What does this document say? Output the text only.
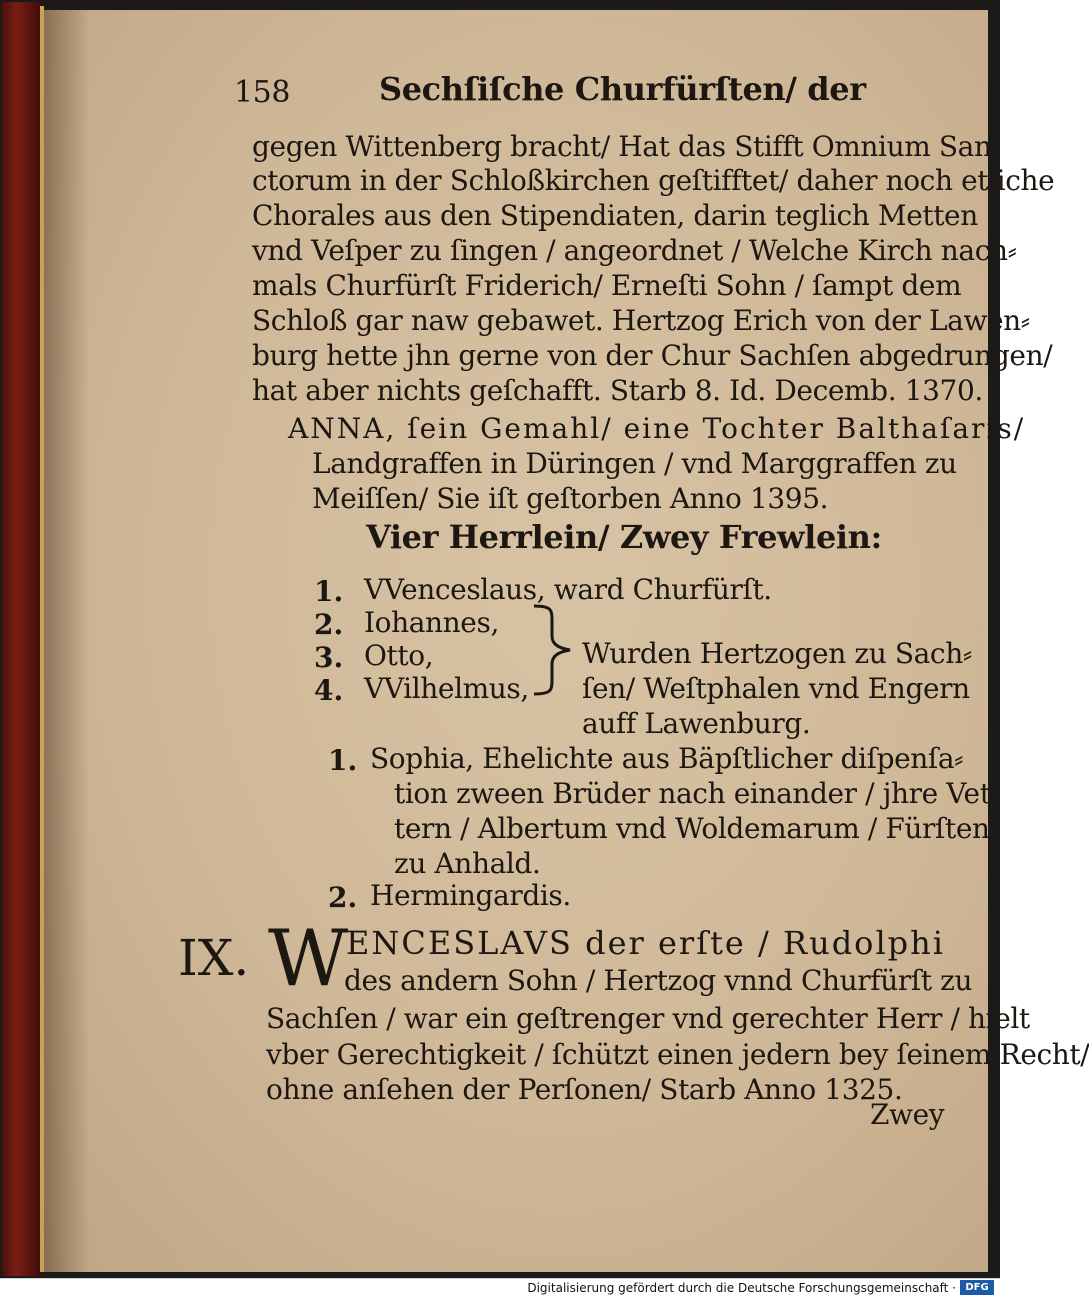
158	Sechſiſche Churfürſten/ der
gegen Wittenberg bracht/ Hat das Stifft Omnium San⸗
ctorum in der Schloßkirchen geſtifftet/ daher noch etliche
Chorales aus den Stipendiaten, darin teglich Metten
vnd Veſper zu ſingen / angeordnet / Welche Kirch nach⸗
mals Churfürſt Friderich/ Erneſti Sohn / ſampt dem
Schloß gar naw gebawet. Hertzog Erich von der Lawen⸗
burg hette jhn gerne von der Chur Sachſen abgedrungen/
hat aber nichts geſchafft. Starb 8. Id. Decemb. 1370.
ANNA, ſein Gemahl/ eine Tochter Balthaſaris/
Landgraffen in Düringen / vnd Marggraffen zu
Meiſſen/ Sie iſt geſtorben Anno 1395.
Vier Herrlein/ Zwey Frewlein:
1. VVenceslaus, ward Churfürſt.
2. Iohannes,
3. Otto,
4. VVilhelmus,
Wurden Hertzogen zu Sach⸗
ſen/ Weſtphalen vnd Engern
auff Lawenburg.
1. Sophia, Ehelichte aus Bäpſtlicher diſpenſa⸗
tion zween Brüder nach einander / jhre Vet⸗
tern / Albertum vnd Woldemarum / Fürſten
zu Anhald.
2. Hermingardis.
IX. W
ENCESLAVS der erſte / Rudolphi
des andern Sohn / Hertzog vnnd Churfürſt zu
Sachſen / war ein geſtrenger vnd gerechter Herr / hielt
vber Gerechtigkeit / ſchützt einen jedern bey ſeinem Recht/
ohne anſehen der Perſonen/ Starb Anno 1325.
Zwey
Digitalisierung gefördert durch die Deutsche Forschungsgemeinschaft · DFG
